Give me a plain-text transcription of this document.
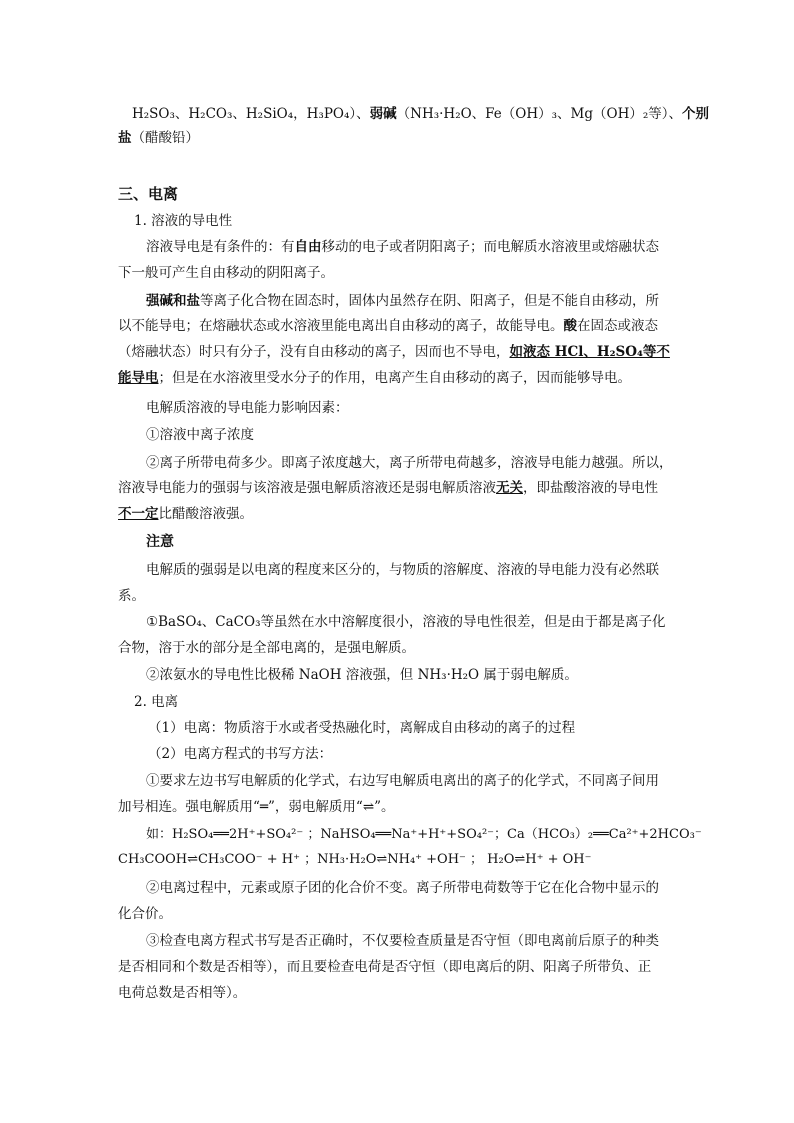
H₂SO₃、H₂CO₃、H₂SiO₄，H₃PO₄）、弱碱（NH₃·H₂O、Fe（OH）₃、Mg（OH）₂等）、个别
盐（醋酸铅）
三、电离
1. 溶液的导电性
溶液导电是有条件的：有自由移动的电子或者阴阳离子；而电解质水溶液里或熔融状态
下一般可产生自由移动的阴阳离子。
强碱和盐等离子化合物在固态时，固体内虽然存在阴、阳离子，但是不能自由移动，所
以不能导电；在熔融状态或水溶液里能电离出自由移动的离子，故能导电。酸在固态或液态
（熔融状态）时只有分子，没有自由移动的离子，因而也不导电，如液态 HCl、H₂SO₄等不
能导电；但是在水溶液里受水分子的作用，电离产生自由移动的离子，因而能够导电。
电解质溶液的导电能力影响因素：
①溶液中离子浓度
②离子所带电荷多少。即离子浓度越大，离子所带电荷越多，溶液导电能力越强。所以，
溶液导电能力的强弱与该溶液是强电解质溶液还是弱电解质溶液无关，即盐酸溶液的导电性
不一定比醋酸溶液强。
注意
电解质的强弱是以电离的程度来区分的，与物质的溶解度、溶液的导电能力没有必然联
系。
①BaSO₄、CaCO₃等虽然在水中溶解度很小，溶液的导电性很差，但是由于都是离子化
合物，溶于水的部分是全部电离的，是强电解质。
②浓氨水的导电性比极稀 NaOH 溶液强，但 NH₃·H₂O 属于弱电解质。
2. 电离
（1）电离：物质溶于水或者受热融化时，离解成自由移动的离子的过程
（2）电离方程式的书写方法：
①要求左边书写电解质的化学式，右边写电解质电离出的离子的化学式，不同离子间用
加号相连。强电解质用“═”，弱电解质用“⇌”。
如：H₂SO₄══2H⁺+SO₄²⁻ ；NaHSO₄══Na⁺+H⁺+SO₄²⁻；Ca（HCO₃）₂══Ca²⁺+2HCO₃⁻
CH₃COOH⇌CH₃COO⁻ + H⁺ ；NH₃·H₂O⇌NH₄⁺ +OH⁻ ； H₂O⇌H⁺ + OH⁻
②电离过程中，元素或原子团的化合价不变。离子所带电荷数等于它在化合物中显示的
化合价。
③检查电离方程式书写是否正确时，不仅要检查质量是否守恒（即电离前后原子的种类
是否相同和个数是否相等），而且要检查电荷是否守恒（即电离后的阴、阳离子所带负、正
电荷总数是否相等）。
